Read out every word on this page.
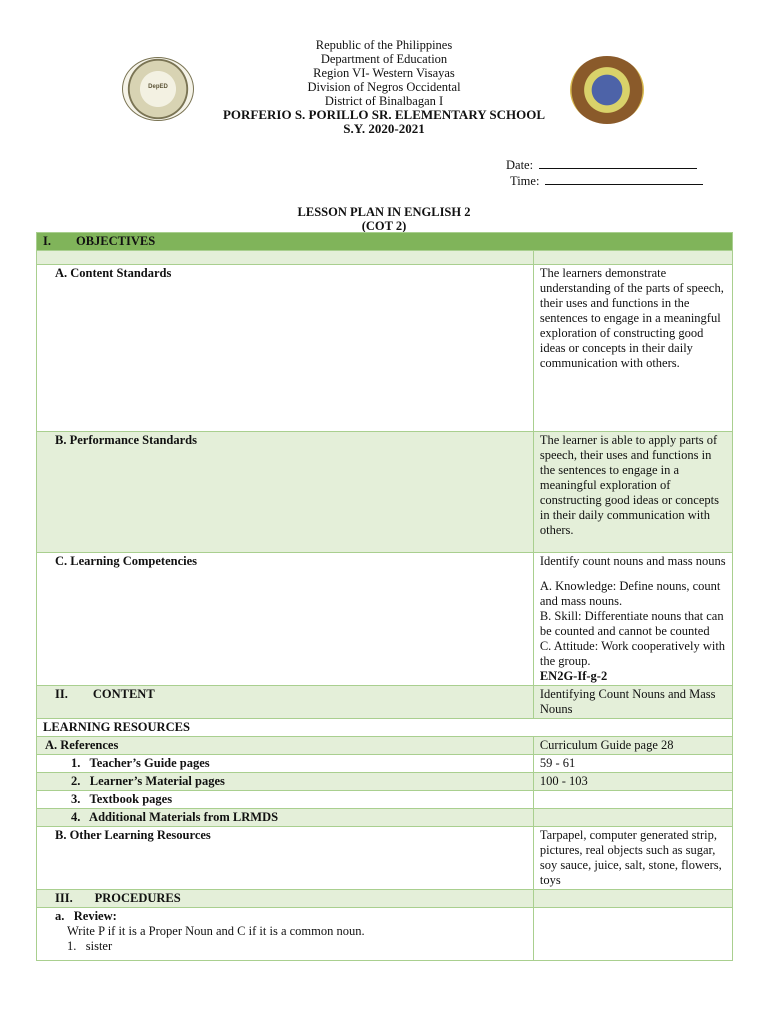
DepED
Republic of the Philippines
Department of Education
Region VI- Western Visayas
Division of Negros Occidental
District of Binalbagan I
PORFERIO S. PORILLO SR. ELEMENTARY SCHOOL
S.Y. 2020-2021
Date:
Time:
LESSON PLAN IN ENGLISH 2
(COT 2)
I.        OBJECTIVES	

A. Content Standards	The learners demonstrate understanding of the parts of speech, their uses and functions in the sentences to engage in a meaningful exploration of constructing good ideas or concepts in their daily communication with others.
B. Performance Standards	The learner is able to apply parts of speech, their uses and functions in the sentences to engage in a meaningful exploration of constructing good ideas or concepts in their daily communication with others.
C. Learning Competencies	Identify count nouns and mass nouns
A. Knowledge: Define nouns, count and mass nouns.
B. Skill: Differentiate nouns that can be counted and cannot be counted
C. Attitude: Work cooperatively with the group.
EN2G-If-g-2

II.        CONTENT	Identifying Count Nouns and Mass Nouns
LEARNING RESOURCES	
A. References	Curriculum Guide page 28
1.   Teacher’s Guide pages	59 - 61
2.   Learner’s Material pages	100 - 103
3.   Textbook pages	
4.   Additional Materials from LRMDS	
B. Other Learning Resources	Tarpapel, computer generated strip, pictures, real objects such as sugar, soy sauce, juice, salt, stone, flowers, toys
III.       PROCEDURES	
a.   Review:
Write P if it is a Proper Noun and C if it is a common noun.
1.   sister	
